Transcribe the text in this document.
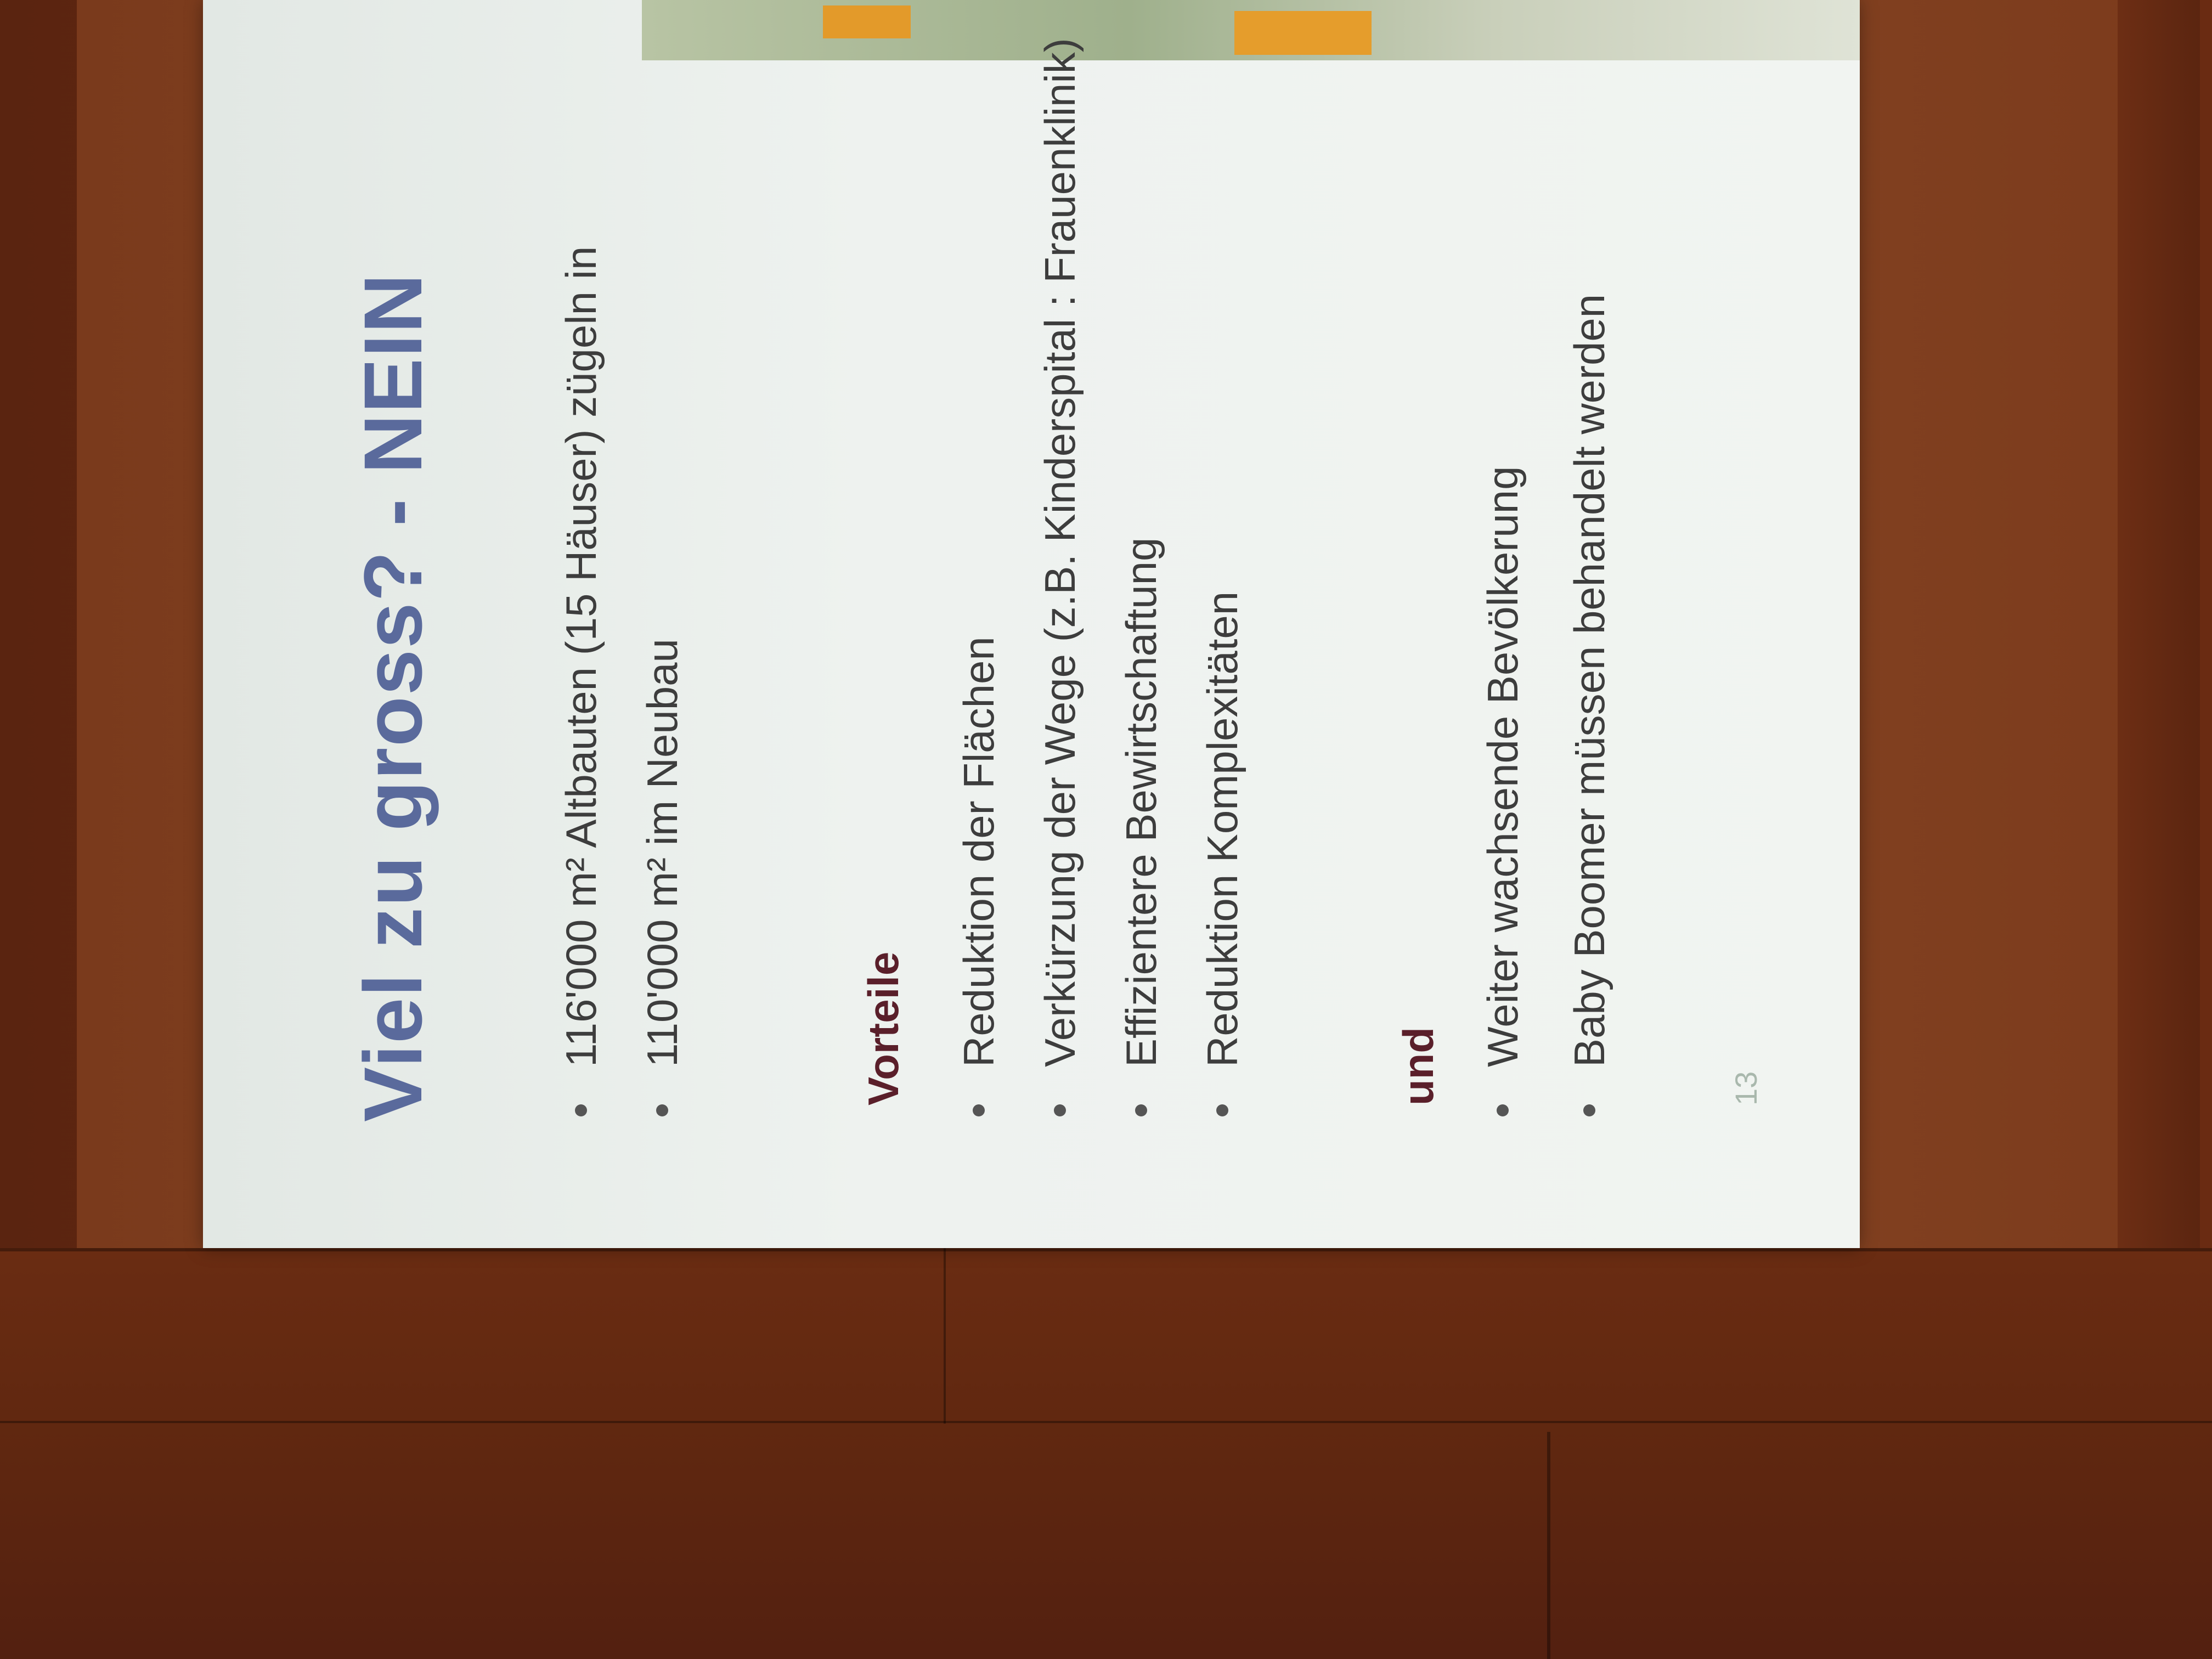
Viel zu gross? - NEIN	116'000 m² Altbauten (15 Häuser) zügeln in 110'000 m² im Neubau	Vorteile Reduktion der Flächen Verkürzung der Wege (z.B. Kinderspital : Frauenklinik) Effizientere Bewirtschaftung Reduktion Komplexitäten	und Weiter wachsende Bevölkerung Baby Boomer müssen behandelt werden
13
